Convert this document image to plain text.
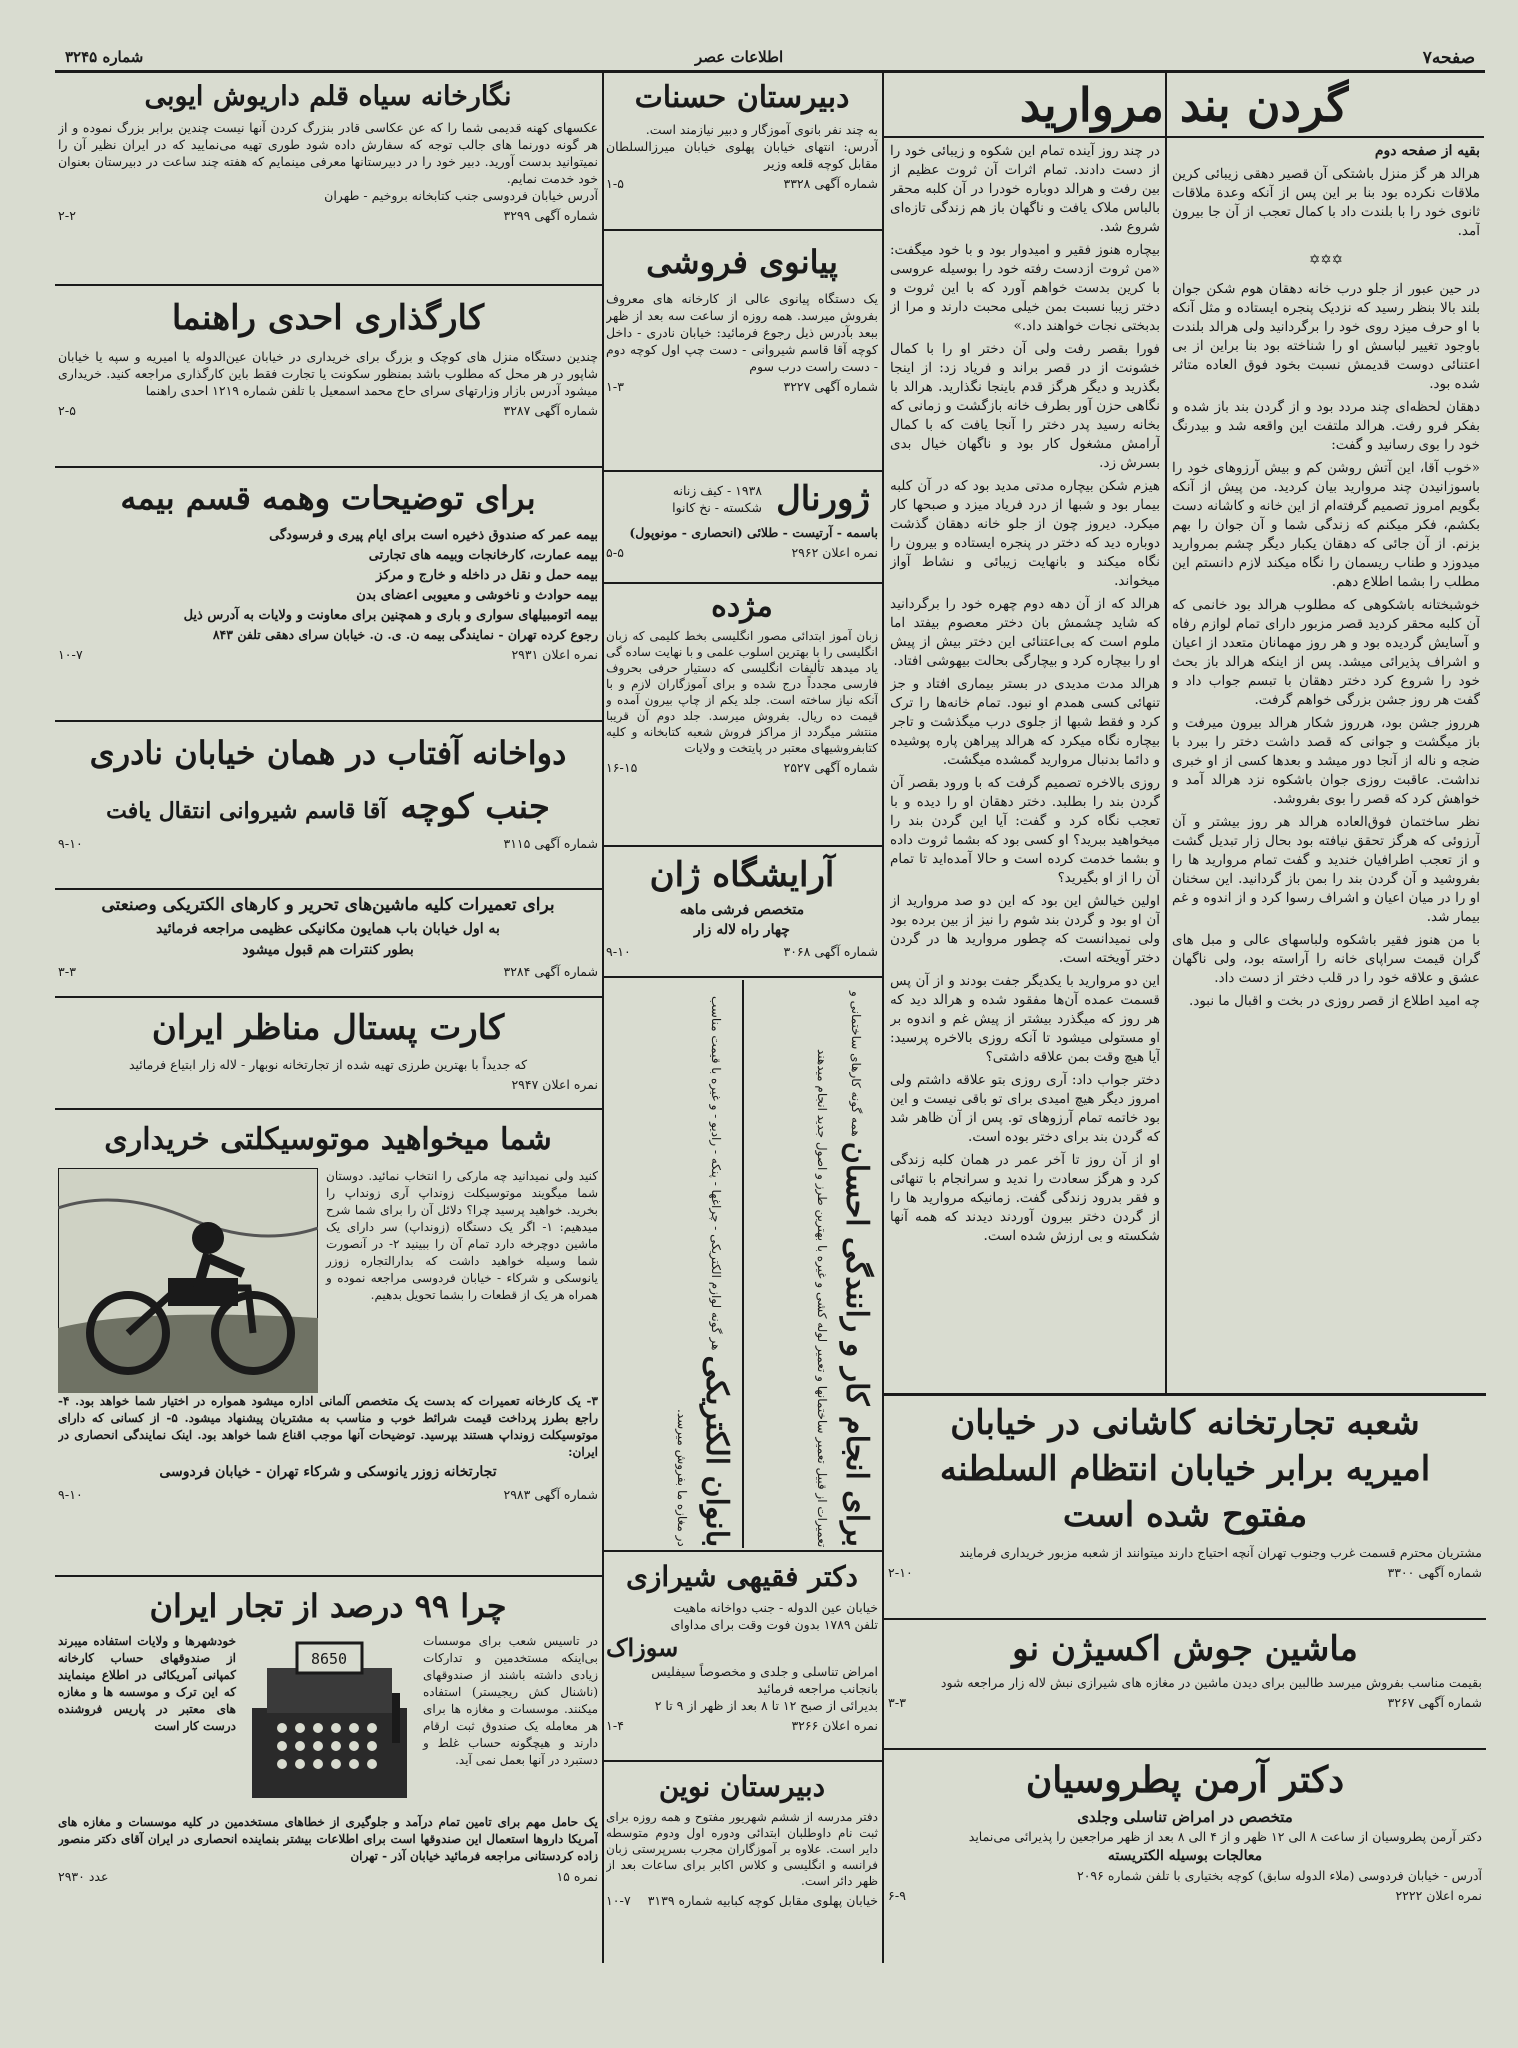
صفحه۷
اطلاعات عصر
شماره ۳۲۴۵
گردن بند مروارید
بقیه از صفحه دوم

هرالد هر گز منزل باشتکی آن قصیر دهقی زیبائی کرین ملاقات نکرده بود بنا بر این پس از آنکه وعدة ملاقات ثانوی خود را با بلندت داد با کمال تعجب از آن جا بیرون آمد.

✡✡✡

در حین عبور از جلو درب خانه دهقان هوم شکن جوان بلند بالا بنظر رسید که نزدیک پنجره ایستاده و مثل آنکه با او حرف میزد روی خود را برگردانید ولی هرالد بلندت باوجود تغییر لباسش او را شناخته بود بنا براین از بی اعتنائی دوست قدیمش نسبت بخود فوق العاده متاثر شده بود.

دهقان لحظه‌ای چند مردد بود و از گردن بند باز شده و بفکر فرو رفت. هرالد ملتفت این واقعه شد و بیدرنگ خود را بوی رسانید و گفت:

«خوب آقا، این آتش روشن کم و بیش آرزوهای خود را باسوزانیدن چند مروارید بیان کردید. من پیش از آنکه بگویم امروز تصمیم گرفته‌ام از این خانه و کاشانه دست بکشم، فکر میکنم که زندگی شما و آن جوان را بهم بزنم. از آن جائی که دهقان یکبار دیگر چشم بمروارید میدوزد و طناب ریسمان را نگاه میکند لازم دانستم این مطلب را بشما اطلاع دهم.

خوشبختانه باشکوهی که مطلوب هرالد بود خانمی که آن کلبه محقر کردید قصر مزبور دارای تمام لوازم رفاه و آسایش گردیده بود و هر روز مهمانان متعدد از اعیان و اشراف پذیرائی میشد. پس از اینکه هرالد باز بحث خود را شروع کرد دختر دهقان با تبسم جواب داد و گفت هر روز جشن بزرگی خواهم گرفت.

هرروز جشن بود، هرروز شکار هرالد بیرون میرفت و باز میگشت و جوانی که قصد داشت دختر را ببرد با ضجه و ناله از آنجا دور میشد و بعدها کسی از او خبری نداشت. عاقبت روزی جوان باشکوه نزد هرالد آمد و خواهش کرد که قصر را بوی بفروشد.

نظر ساختمان فوق‌العاده هرالد هر روز بیشتر و آن آرزوئی که هرگز تحقق نیافته بود بحال زار تبدیل گشت و از تعجب اطرافیان خندید و گفت تمام مروارید ها را بفروشید و آن گردن بند را بمن باز گردانید. این سخنان او را در میان اعیان و اشراف رسوا کرد و از اندوه و غم بیمار شد.

با من هنوز فقیر باشکوه ولباسهای عالی و مبل های گران قیمت سراپای خانه را آراسته بود، ولی ناگهان عشق و علاقه خود را در قلب دختر از دست داد.

چه امید اطلاع از قصر روزی در بخت و اقبال ما نبود.

در چند روز آینده تمام این شکوه و زیبائی خود را از دست دادند. تمام اثرات آن ثروت عظیم از بین رفت و هرالد دوباره خودرا در آن کلبه محقر بالباس ملاک یافت و ناگهان باز هم زندگی تازه‌ای شروع شد.

بیچاره هنوز فقیر و امیدوار بود و با خود میگفت: «من ثروت ازدست رفته خود را بوسیله عروسی با کرین بدست خواهم آورد که با این ثروت و دختر زیبا نسبت بمن خیلی محبت دارند و مرا از بدبختی نجات خواهند داد.»

فورا بقصر رفت ولی آن دختر او را با کمال خشونت از در قصر براند و فریاد زد: از اینجا بگذرید و دیگر هرگز قدم باینجا نگذارید. هرالد با نگاهی حزن آور بطرف خانه بازگشت و زمانی که بخانه رسید پدر دختر را آنجا یافت که با کمال آرامش مشغول کار بود و ناگهان خیال بدی بسرش زد.

هیزم شکن بیچاره مدتی مدید بود که در آن کلبه بیمار بود و شبها از درد فریاد میزد و صبحها کار میکرد. دیروز چون از جلو خانه دهقان گذشت دوباره دید که دختر در پنجره ایستاده و بیرون را نگاه میکند و بانهایت زیبائی و نشاط آواز میخواند.

هرالد که از آن دهه دوم چهره خود را برگردانید که شاید چشمش بان دختر معصوم بیفتد اما ملوم است که بی‌اعتنائی این دختر بیش از پیش او را بیچاره کرد و بیچارگی بحالت بیهوشی افتاد.

هرالد مدت مدیدی در بستر بیماری افتاد و جز تنهائی کسی همدم او نبود. تمام خانه‌ها را ترک کرد و فقط شبها از جلوی درب میگذشت و تاجر بیچاره نگاه میکرد که هرالد پیراهن پاره پوشیده و دائما بدنبال مروارید گمشده میگشت.

روزی بالاخره تصمیم گرفت که با ورود بقصر آن گردن بند را بطلبد. دختر دهقان او را دیده و با تعجب نگاه کرد و گفت: آیا این گردن بند را میخواهید ببرید؟ او کسی بود که بشما ثروت داده و بشما خدمت کرده است و حالا آمده‌اید تا تمام آن را از او بگیرید؟

اولین خیالش این بود که این دو صد مروارید از آن او بود و گردن بند شوم را نیز از بین برده بود ولی نمیدانست که چطور مروارید ها در گردن دختر آویخته است.

این دو مروارید با یکدیگر جفت بودند و از آن پس قسمت عمده آن‌ها مفقود شده و هرالد دید که هر روز که میگذرد بیشتر از پیش غم و اندوه بر او مستولی میشود تا آنکه روزی بالاخره پرسید: آیا هیچ وقت بمن علاقه داشتی؟

دختر جواب داد: آری روزی بتو علاقه داشتم ولی امروز دیگر هیچ امیدی برای تو باقی نیست و این بود خاتمه تمام آرزوهای تو. پس از آن ظاهر شد که گردن بند برای دختر بوده است.

او از آن روز تا آخر عمر در همان کلبه زندگی کرد و هرگز سعادت را ندید و سرانجام با تنهائی و فقر بدرود زندگی گفت. زمانیکه مروارید ها را از گردن دختر بیرون آوردند دیدند که همه آنها شکسته و بی ارزش شده است.

شعبه تجارتخانه کاشانی در خیابان
امیریه برابر خیابان انتظام السلطنه
مفتوح شده است
مشتریان محترم قسمت غرب وجنوب تهران آنچه احتیاج دارند میتوانند از شعبه مزبور خریداری فرمایند
شماره آگهی ۳۳۰۰
۲-۱۰
ماشین جوش اکسیژن نو
بقیمت مناسب بفروش میرسد طالبین برای دیدن ماشین در مغازه های شیرازی نبش لاله زار مراجعه شود
شماره آگهی ۳۲۶۷
۳-۳
دکتر آرمن پطروسیان
متخصص در امراض تناسلی وجلدی
دکتر آرمن پطروسیان از ساعت ۸ الی ۱۲ ظهر و از ۴ الی ۸ بعد از ظهر مراجعین را پذیرائی می‌نماید
معالجات بوسیله الکتریسته
آدرس - خیابان فردوسی (ملاء الدوله سابق) کوچه بختیاری با تلفن شماره ۲۰۹۶
نمره اعلان ۲۲۲۲
۶-۹
دبیرستان حسنات
به چند نفر بانوی آموزگار و دبیر نیازمند است.
آدرس: انتهای خیابان پهلوی خیابان میرزالسلطان مقابل کوچه قلعه وزیر
شماره آگهی ۳۳۲۸
۱-۵
پیانوی فروشی
یک دستگاه پیانوی عالی از کارخانه های معروف بفروش میرسد. همه روزه از ساعت سه بعد از ظهر ببعد بآدرس ذیل رجوع فرمائید: خیابان نادری - داخل کوچه آقا قاسم شیروانی - دست چپ اول کوچه دوم - دست راست درب سوم
شماره آگهی ۳۲۲۷
۱-۳
ژورنال
۱۹۳۸ - کیف زنانه
شکسته - نخ کانوا
باسمه - آرتیست - طلائی (انحصاری - مونوپول)
نمره اعلان ۲۹۶۲
۵-۵
مژده
زبان آموز ابتدائی مصور انگلیسی بخط کلیمی که زبان انگلیسی را با بهترین اسلوب علمی و با نهایت ساده گی یاد میدهد تألیفات انگلیسی که دستیار حرفی بحروف فارسی مجدداً درج شده و برای آموزگاران لازم و با آنکه نیاز ساخته است. جلد یکم از چاپ بیرون آمده و قیمت ده ریال. بفروش میرسد. جلد دوم آن قریبا منتشر میگردد از مراکز فروش شعبه کتابخانه و کلیه کتابفروشیهای معتبر در پایتخت و ولایات
شماره آگهی ۲۵۲۷
۱۶-۱۵
آرایشگاه ژان
متخصص فرشی ماهه
چهار راه لاله زار
شماره آگهی ۳۰۶۸
۹-۱۰
برای انجام کار و رانندگی احسان همه گونه کارهای ساختمانی و تعمیرات از قبیل تعمیر ساختمانها و تعمیر لوله کشی و غیره با بهترین طرز و اصول جدید انجام میدهند
بانوان الکتریکی هر گونه لوازم الکتریکی - چراغها - پنکه - رادیو - و غیره با قیمت مناسب در مغازه ما بفروش میرسد.
دکتر فقیهی شیرازی
خیابان عین الدوله - جنب دواخانه ماهیت
تلفن ۱۷۸۹ بدون فوت وقت برای مداوای
سوزاک
امراض تناسلی و جلدی و مخصوصاً سیفلیس
بانجانب مراجعه فرمائید
بدیرائی از صبح ۱۲ تا ۸ بعد از ظهر از ۹ تا ۲
نمره اعلان ۳۲۶۶
۱-۴
دبیرستان نوین
دفتر مدرسه از ششم شهریور مفتوح و همه روزه برای ثبت نام داوطلبان ابتدائی ودوره اول ودوم متوسطه دایر است. علاوه بر آموزگاران مجرب بسرپرستی زبان فرانسه و انگلیسی و کلاس اکابر برای ساعات بعد از ظهر دائر است.
خیابان پهلوی مقابل کوچه کبابیه شماره ۳۱۳۹
۱۰-۷
نگارخانه سیاه قلم داریوش ایوبی
عکسهای کهنه قدیمی شما را که عن عکاسی قادر بنزرگ کردن آنها نیست چندین برابر بزرگ نموده و از هر گونه دورنما های جالب توجه که سفارش داده شود طوری تهیه می‌نمایید که در ایران نظیر آن را نمیتوانید بدست آورید. دبیر خود را در دبیرستانها معرفی مینمایم که هفته چند ساعت در دبیرستان بعنوان خود خدمت نمایم.
آدرس خیابان فردوسی جنب کتابخانه بروخیم - طهران
شماره آگهی ۳۲۹۹
۲-۲
کارگذاری احدی راهنما
چندین دستگاه منزل های کوچک و بزرگ برای خریداری در خیابان عین‌الدوله یا امیریه و سپه یا خیابان شاپور در هر محل که مطلوب باشد بمنظور سکونت یا تجارت فقط باین کارگذاری مراجعه کنید. خریداری میشود آدرس بازار وزارتهای سرای حاج محمد اسمعیل با تلفن شماره ۱۲۱۹ احدی راهنما
شماره آگهی ۳۲۸۷
۲-۵
برای توضیحات وهمه قسم بیمه
بیمه عمر که صندوق ذخیره است برای ایام پیری و فرسودگی
بیمه عمارت، کارخانجات وبیمه های تجارتی
بیمه حمل و نقل در داخله و خارج و مرکز
بیمه حوادث و ناخوشی و معیوبی اعضای بدن
بیمه اتومبیلهای سواری و باری و همچنین برای معاونت و ولایات به آدرس ذیل
رجوع کرده تهران - نمایندگی بیمه ن. ی. ن. خیابان سرای دهقی تلفن ۸۴۳
نمره اعلان ۲۹۳۱
۱۰-۷
دواخانه آفتاب در همان خیابان نادری
جنب کوچه
آقا قاسم شیروانی انتقال یافت
شماره آگهی ۳۱۱۵
۹-۱۰
برای تعمیرات کلیه ماشین‌های تحریر و کارهای الکتریکی وصنعتی
به اول خیابان باب همایون مکانیکی عظیمی مراجعه فرمائید
بطور کنترات هم قبول میشود
شماره آگهی ۳۲۸۴
۳-۳
کارت پستال مناظر ایران
که جدیداً با بهترین طرزی تهیه شده از تجارتخانه نوبهار - لاله زار ابتیاع فرمائید
نمره اعلان ۲۹۴۷
شما میخواهید موتوسیکلتی خریداری
کنید ولی نمیدانید چه مارکی را انتخاب نمائید. دوستان شما میگویند موتوسیکلت زونداپ آری زونداپ را بخرید. خواهید پرسید چرا؟ دلائل آن را برای شما شرح میدهیم: ۱- اگر یک دستگاه (زونداپ) سر دارای یک ماشین دوچرخه دارد تمام آن را ببینید ۲- در آنصورت شما وسیله خواهید داشت که بدارالتجاره زوزر یانوسکی و شرکاء - خیابان فردوسی مراجعه نموده و همراه هر یک از قطعات را بشما تحویل بدهیم.
۳- یک کارخانه تعمیرات که بدست یک متخصص آلمانی اداره میشود همواره در اختیار شما خواهد بود. ۴- راجع بطرز پرداخت قیمت شرائط خوب و مناسب به مشتریان پیشنهاد میشود. ۵- از کسانی که دارای موتوسیکلت زونداپ هستند بپرسید. توضیحات آنها موجب اقناع شما خواهد بود. اینک نمایندگی انحصاری در ایران:
تجارتخانه زوزر یانوسکی و شرکاء تهران - خیابان فردوسی
شماره آگهی ۲۹۸۳
۹-۱۰
چرا ۹۹ درصد از تجار ایران
در تاسیس شعب برای موسسات بی‌اینکه مستخدمین و تدارکات زیادی داشته باشند از صندوقهای (ناشنال کش ریجیستر) استفاده میکنند. موسسات و مغازه ها برای هر معامله یک صندوق ثبت ارقام دارند و هیچگونه حساب غلط و دستبرد در آنها بعمل نمی آید.
8650
خودشهرها و ولایات استفاده میبرند از صندوقهای حساب کارخانه کمپانی آمریکائی در اطلاع مینمایند که این ترک و موسسه ها و مغازه های معتبر در پاریس فروشنده درست کار است
یک حامل مهم برای تامین تمام درآمد و جلوگیری از خطاهای مستخدمین در کلیه موسسات و مغازه های آمریکا داروها استعمال این صندوقها است برای اطلاعات بیشتر بنماینده انحصاری در ایران آقای دکتر منصور زاده کردستانی مراجعه فرمائید خیابان آذر - تهران
نمره ۱۵
عدد ۲۹۳۰
